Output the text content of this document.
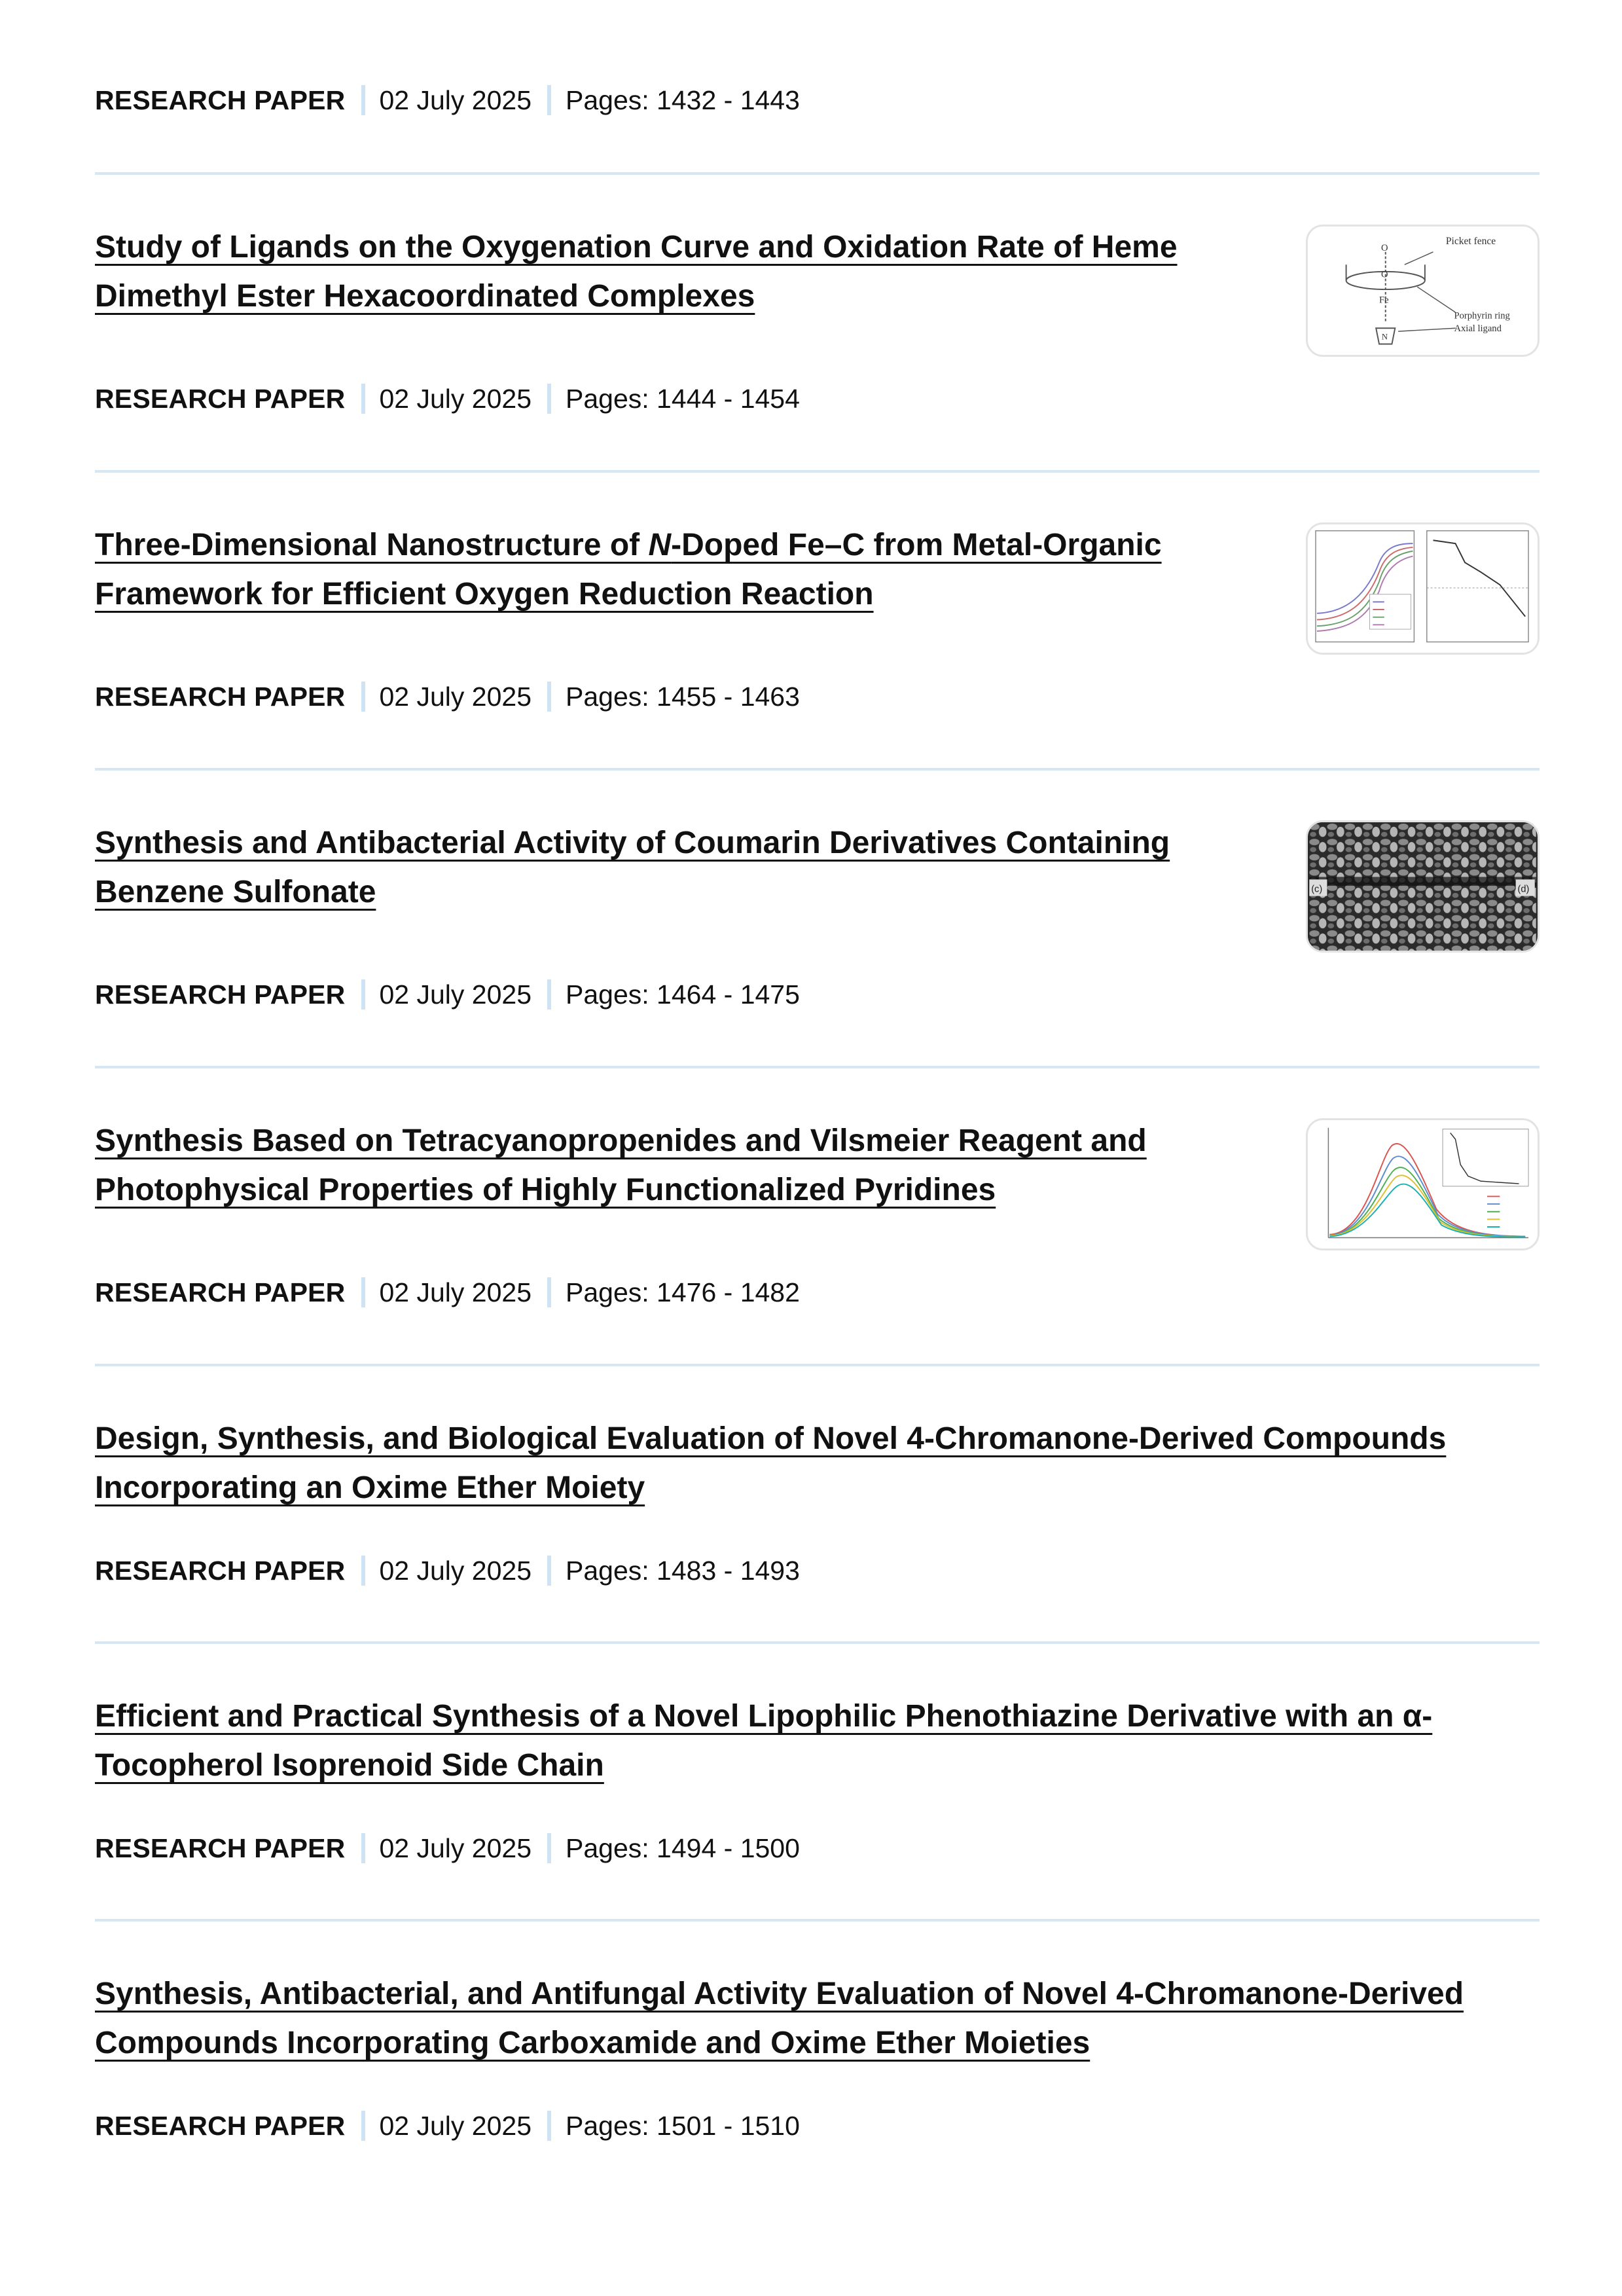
RESEARCH PAPER 02 July 2025 Pages: 1432 - 1443
Study of Ligands on the Oxygenation Curve and Oxidation Rate of Heme
Dimethyl Ester Hexacoordinated Complexes
Picket fence
Porphyrin ring
Axial ligand
O
O
Fe
N
RESEARCH PAPER 02 July 2025 Pages: 1444 - 1454
Three-Dimensional Nanostructure of N-Doped Fe–C from Metal-Organic
Framework for Efficient Oxygen Reduction Reaction
RESEARCH PAPER 02 July 2025 Pages: 1455 - 1463
Synthesis and Antibacterial Activity of Coumarin Derivatives Containing
Benzene Sulfonate	(c)	(d)
RESEARCH PAPER 02 July 2025 Pages: 1464 - 1475
Synthesis Based on Tetracyanopropenides and Vilsmeier Reagent and
Photophysical Properties of Highly Functionalized Pyridines
RESEARCH PAPER 02 July 2025 Pages: 1476 - 1482
Design, Synthesis, and Biological Evaluation of Novel 4-Chromanone-Derived Compounds
Incorporating an Oxime Ether Moiety
RESEARCH PAPER 02 July 2025 Pages: 1483 - 1493
Efficient and Practical Synthesis of a Novel Lipophilic Phenothiazine Derivative with an α-
Tocopherol Isoprenoid Side Chain
RESEARCH PAPER 02 July 2025 Pages: 1494 - 1500
Synthesis, Antibacterial, and Antifungal Activity Evaluation of Novel 4-Chromanone-Derived
Compounds Incorporating Carboxamide and Oxime Ether Moieties
RESEARCH PAPER 02 July 2025 Pages: 1501 - 1510
